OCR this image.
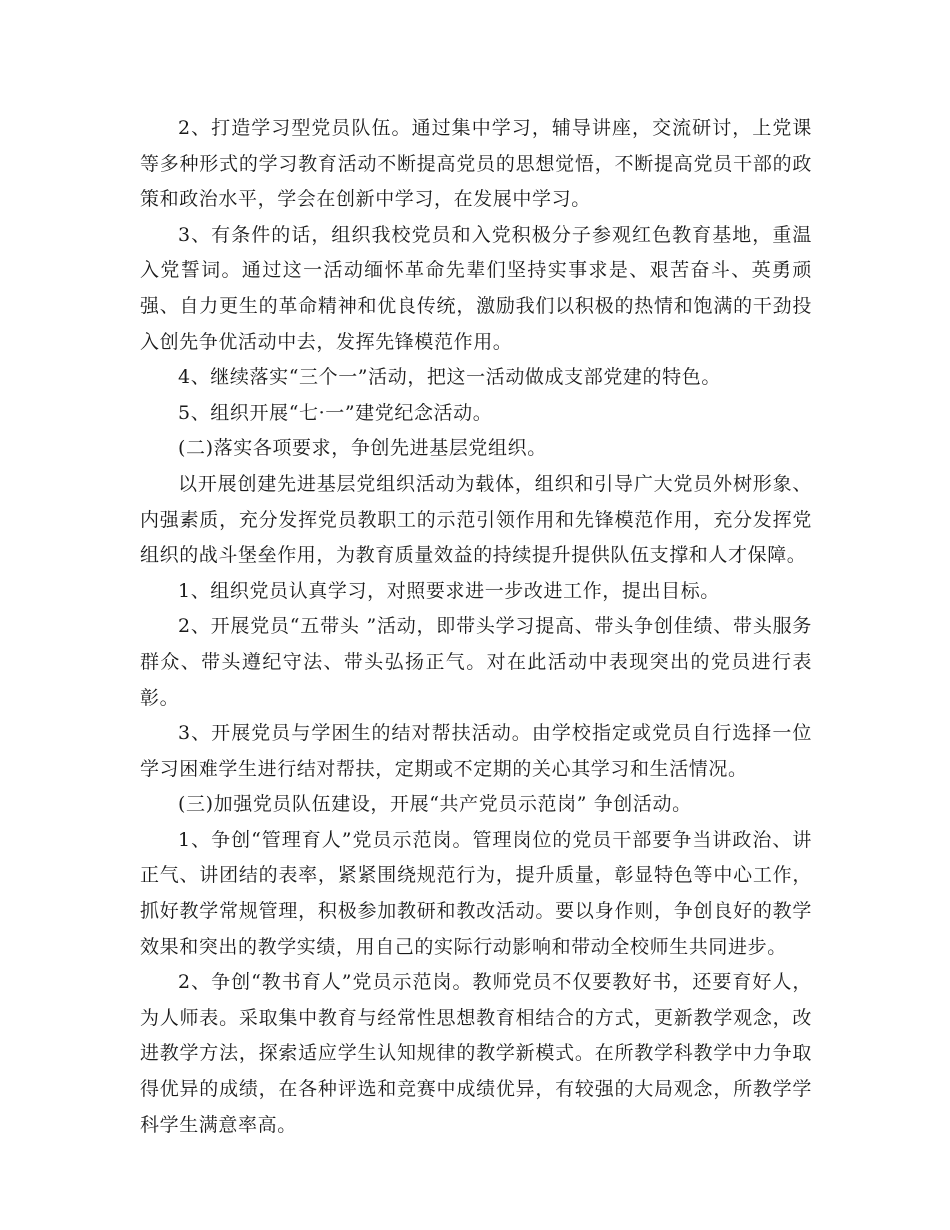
2、打造学习型党员队伍。通过集中学习，辅导讲座，交流研讨，上党课等多种形式的学习教育活动不断提高党员的思想觉悟，不断提高党员干部的政策和政治水平，学会在创新中学习，在发展中学习。

3、有条件的话，组织我校党员和入党积极分子参观红色教育基地，重温入党誓词。通过这一活动缅怀革命先辈们坚持实事求是、艰苦奋斗、英勇顽强、自力更生的革命精神和优良传统，激励我们以积极的热情和饱满的干劲投入创先争优活动中去，发挥先锋模范作用。

4、继续落实“三个一”活动，把这一活动做成支部党建的特色。

5、组织开展“七·一”建党纪念活动。

(二)落实各项要求，争创先进基层党组织。

以开展创建先进基层党组织活动为载体，组织和引导广大党员外树形象、内强素质，充分发挥党员教职工的示范引领作用和先锋模范作用，充分发挥党组织的战斗堡垒作用，为教育质量效益的持续提升提供队伍支撑和人才保障。

1、组织党员认真学习，对照要求进一步改进工作，提出目标。

2、开展党员“五带头 ”活动，即带头学习提高、带头争创佳绩、带头服务群众、带头遵纪守法、带头弘扬正气。对在此活动中表现突出的党员进行表彰。

3、开展党员与学困生的结对帮扶活动。由学校指定或党员自行选择一位学习困难学生进行结对帮扶，定期或不定期的关心其学习和生活情况。

(三)加强党员队伍建设，开展“共产党员示范岗” 争创活动。

1、争创“管理育人”党员示范岗。管理岗位的党员干部要争当讲政治、讲正气、讲团结的表率，紧紧围绕规范行为，提升质量，彰显特色等中心工作，抓好教学常规管理，积极参加教研和教改活动。要以身作则，争创良好的教学效果和突出的教学实绩，用自己的实际行动影响和带动全校师生共同进步。

2、争创“教书育人”党员示范岗。教师党员不仅要教好书，还要育好人，为人师表。采取集中教育与经常性思想教育相结合的方式，更新教学观念，改进教学方法，探索适应学生认知规律的教学新模式。在所教学科教学中力争取得优异的成绩，在各种评选和竞赛中成绩优异，有较强的大局观念，所教学学科学生满意率高。
